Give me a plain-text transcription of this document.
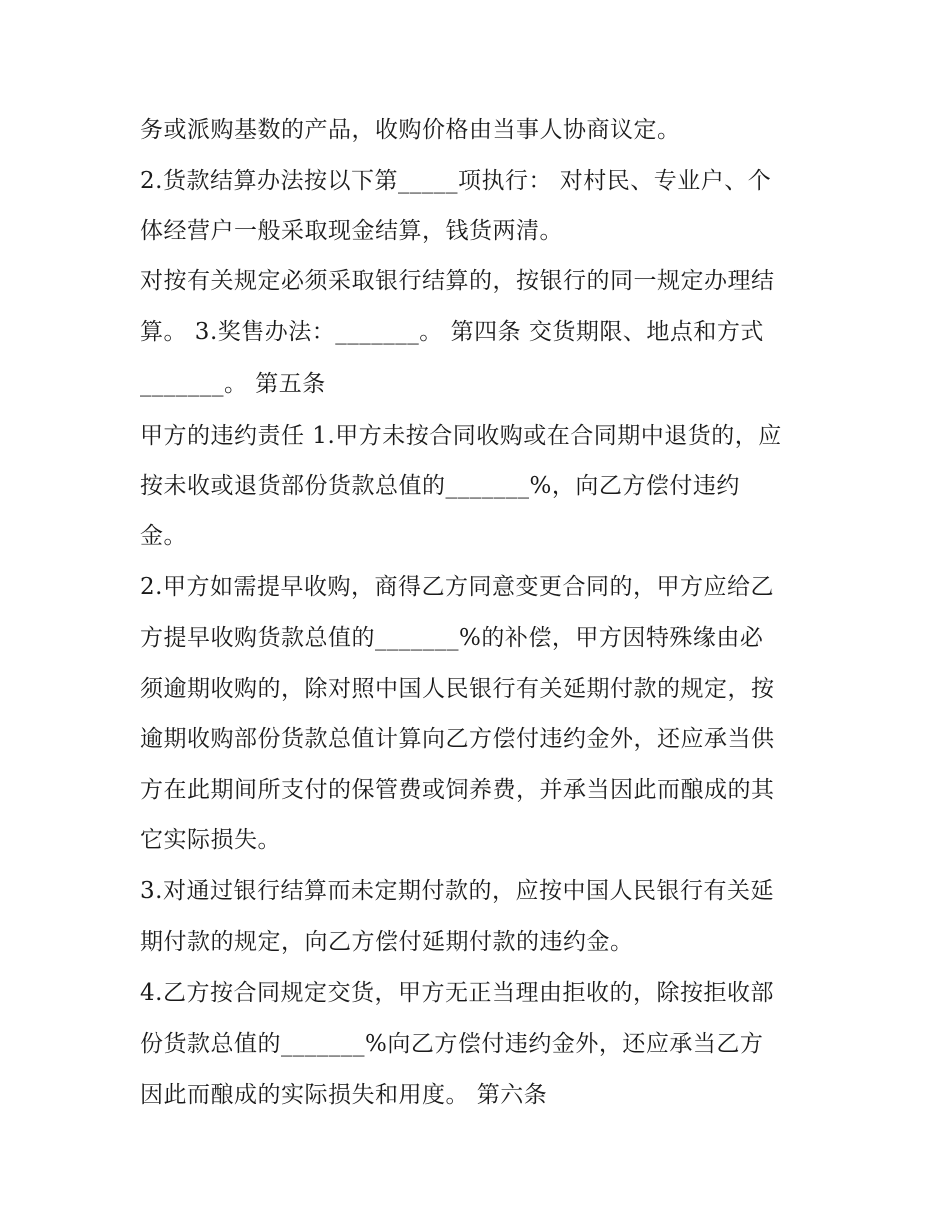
务或派购基数的产品，收购价格由当事人协商议定。

2.货款结算办法按以下第_____项执行： 对村民、专业户、个

体经营户一般采取现金结算，钱货两清。

对按有关规定必须采取银行结算的，按银行的同一规定办理结

算。 3.奖售办法：_______。 第四条 交货期限、地点和方式

_______。 第五条

甲方的违约责任 1.甲方未按合同收购或在合同期中退货的，应

按未收或退货部份货款总值的_______%，向乙方偿付违约

金。

2.甲方如需提早收购，商得乙方同意变更合同的，甲方应给乙

方提早收购货款总值的_______%的补偿，甲方因特殊缘由必

须逾期收购的，除对照中国人民银行有关延期付款的规定，按

逾期收购部份货款总值计算向乙方偿付违约金外，还应承当供

方在此期间所支付的保管费或饲养费，并承当因此而酿成的其

它实际损失。

3.对通过银行结算而未定期付款的，应按中国人民银行有关延

期付款的规定，向乙方偿付延期付款的违约金。

4.乙方按合同规定交货，甲方无正当理由拒收的，除按拒收部

份货款总值的_______%向乙方偿付违约金外，还应承当乙方

因此而酿成的实际损失和用度。 第六条
